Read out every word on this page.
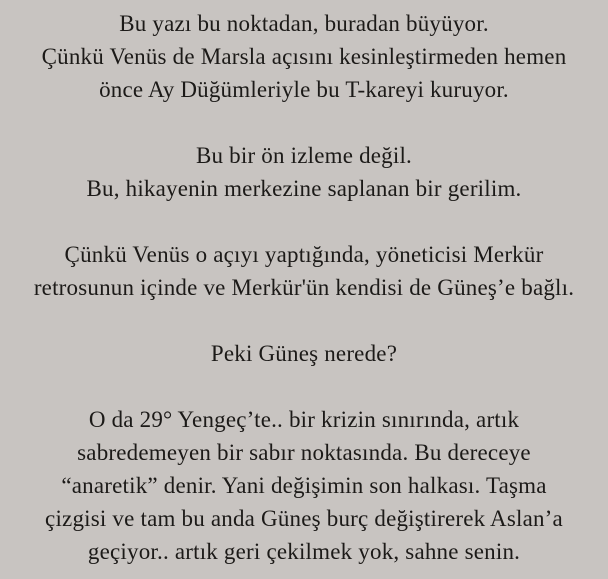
Bu yazı bu noktadan, buradan büyüyor.
Çünkü Venüs de Marsla açısını kesinleştirmeden hemen
önce Ay Düğümleriyle bu T-kareyi kuruyor.
Bu bir ön izleme değil.
Bu, hikayenin merkezine saplanan bir gerilim.
Çünkü Venüs o açıyı yaptığında, yöneticisi Merkür
retrosunun içinde ve Merkür'ün kendisi de Güneş’e bağlı.
Peki Güneş nerede?
O da 29° Yengeç’te.. bir krizin sınırında, artık
sabredemeyen bir sabır noktasında. Bu dereceye
“anaretik” denir. Yani değişimin son halkası. Taşma
çizgisi ve tam bu anda Güneş burç değiştirerek Aslan’a
geçiyor.. artık geri çekilmek yok, sahne senin.
